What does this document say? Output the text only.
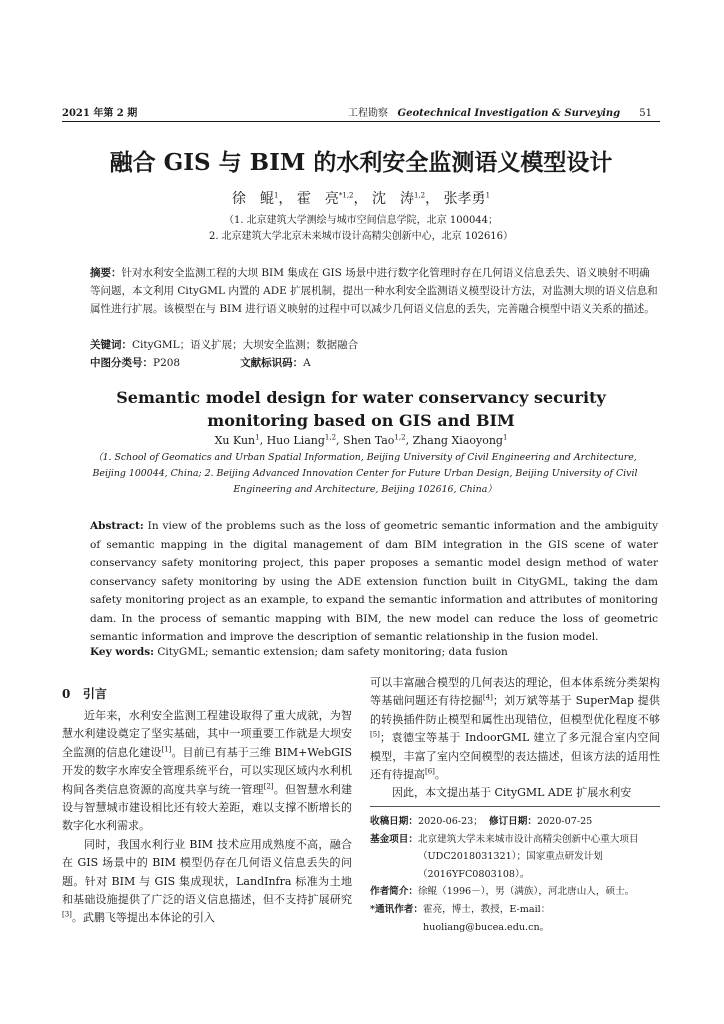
2021 年第 2 期	工程勘察 Geotechnical Investigation & Surveying 51
融合 GIS 与 BIM 的水利安全监测语义模型设计
徐　鲲$^1$， 霍　亮$^{*1,2}$， 沈　涛$^{1,2}$， 张孝勇$^1$
（1. 北京建筑大学测绘与城市空间信息学院，北京 100044；
2. 北京建筑大学北京未来城市设计高精尖创新中心，北京 102616）
摘要：针对水利安全监测工程的大坝 BIM 集成在 GIS 场景中进行数字化管理时存在几何语义信息丢失、语义映射不明确等问题，本文利用 CityGML 内置的 ADE 扩展机制，提出一种水利安全监测语义模型设计方法，对监测大坝的语义信息和属性进行扩展。该模型在与 BIM 进行语义映射的过程中可以减少几何语义信息的丢失，完善融合模型中语义关系的描述。
关键词：CityGML；语义扩展；大坝安全监测；数据融合
中图分类号：P208	文献标识码：A
Semantic model design for water conservancy security
monitoring based on GIS and BIM
Xu Kun$^1$, Huo Liang$^{1,2}$, Shen Tao$^{1,2}$, Zhang Xiaoyong$^1$
（1. School of Geomatics and Urban Spatial Information, Beijing University of Civil Engineering and Architecture, Beijing 100044, China; 2. Beijing Advanced Innovation Center for Future Urban Design, Beijing University of Civil Engineering and Architecture, Beijing 102616, China）
Abstract: In view of the problems such as the loss of geometric semantic information and the ambiguity of semantic mapping in the digital management of dam BIM integration in the GIS scene of water conservancy safety monitoring project, this paper proposes a semantic model design method of water conservancy safety monitoring by using the ADE extension function built in CityGML, taking the dam safety monitoring project as an example, to expand the semantic information and attributes of monitoring dam. In the process of semantic mapping with BIM, the new model can reduce the loss of geometric semantic information and improve the description of semantic relationship in the fusion model.
Key words: CityGML; semantic extension; dam safety monitoring; data fusion
0 引言

近年来，水利安全监测工程建设取得了重大成就，为智慧水利建设奠定了坚实基础，其中一项重要工作就是大坝安全监测的信息化建设[1]。目前已有基于三维 BIM+WebGIS 开发的数字水库安全管理系统平台，可以实现区域内水利机构间各类信息资源的高度共享与统一管理[2]。但智慧水利建设与智慧城市建设相比还有较大差距，难以支撑不断增长的数字化水利需求。

同时，我国水利行业 BIM 技术应用成熟度不高，融合在 GIS 场景中的 BIM 模型仍存在几何语义信息丢失的问题。针对 BIM 与 GIS 集成现状，LandInfra 标准为土地和基础设施提供了广泛的语义信息描述，但不支持扩展研究[3]。武鹏飞等提出本体论的引入

可以丰富融合模型的几何表达的理论，但本体系统分类架构等基础问题还有待挖掘[4]；刘万斌等基于 SuperMap 提供的转换插件防止模型和属性出现错位，但模型优化程度不够[5]；袁德宝等基于 IndoorGML 建立了多元混合室内空间模型，丰富了室内空间模型的表达描述，但该方法的适用性还有待提高[6]。

因此，本文提出基于 CityGML ADE 扩展水利安

收稿日期： 2020-06-23；
修订日期： 2020-07-25
基金项目： 北京建筑大学未来城市设计高精尖创新中心重大项目（UDC2018031321）；国家重点研发计划（2016YFC0803108）。
作者简介： 徐鲲（1996－），男（满族），河北唐山人，硕士。
*通讯作者： 霍亮，博士，教授，E-mail：huoliang@bucea.edu.cn。
